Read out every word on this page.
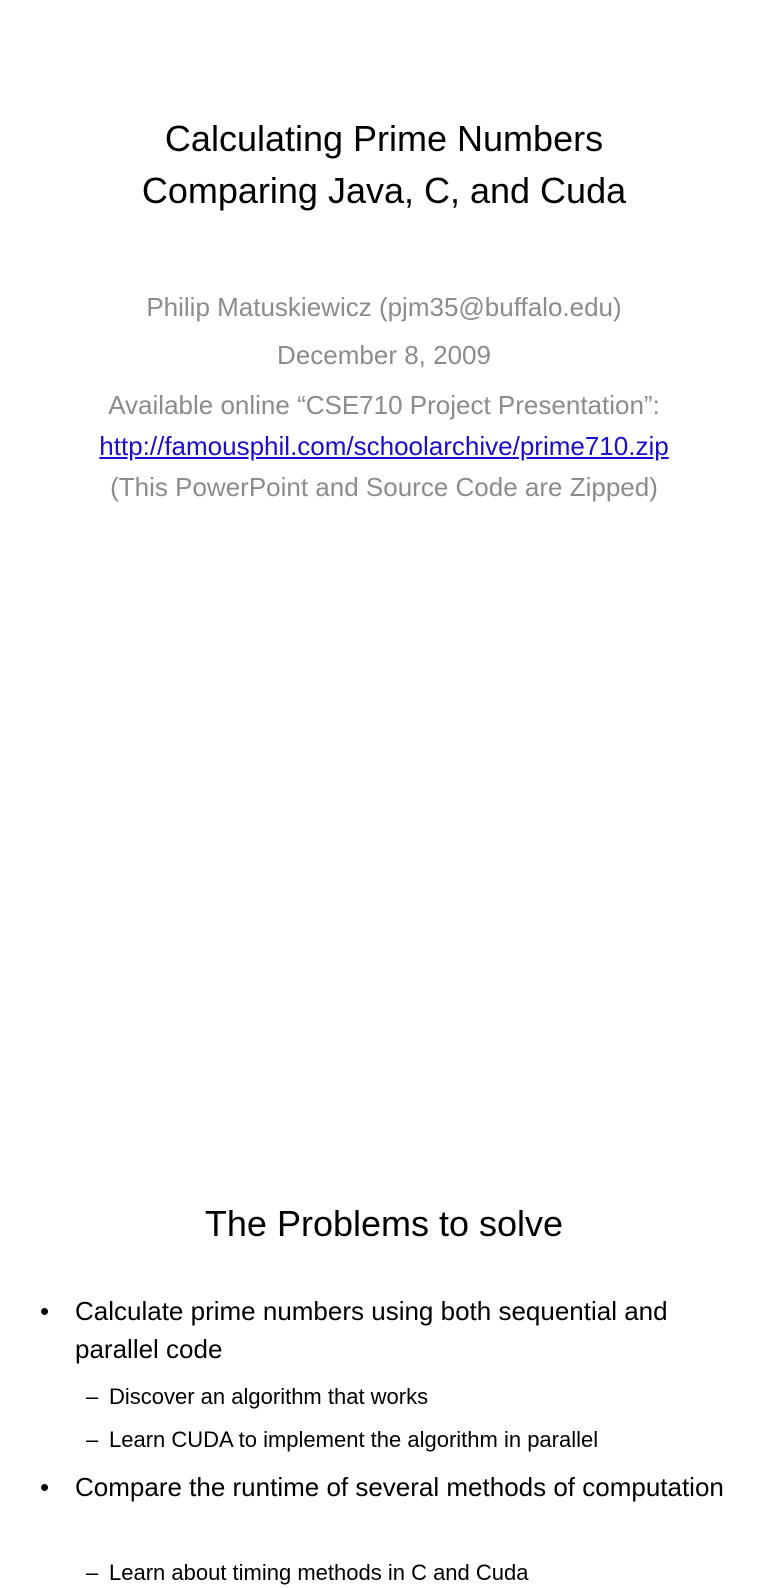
Calculating Prime Numbers
Comparing Java, C, and Cuda
Philip Matuskiewicz (pjm35@buffalo.edu)
December 8, 2009
Available online “CSE710 Project Presentation”:
http://famousphil.com/schoolarchive/prime710.zip
(This PowerPoint and Source Code are Zipped)
The Problems to solve
• Calculate prime numbers using both sequential and parallel code
– Discover an algorithm that works
– Learn CUDA to implement the algorithm in parallel
• Compare the runtime of several methods of computation
– Learn about timing methods in C and Cuda
